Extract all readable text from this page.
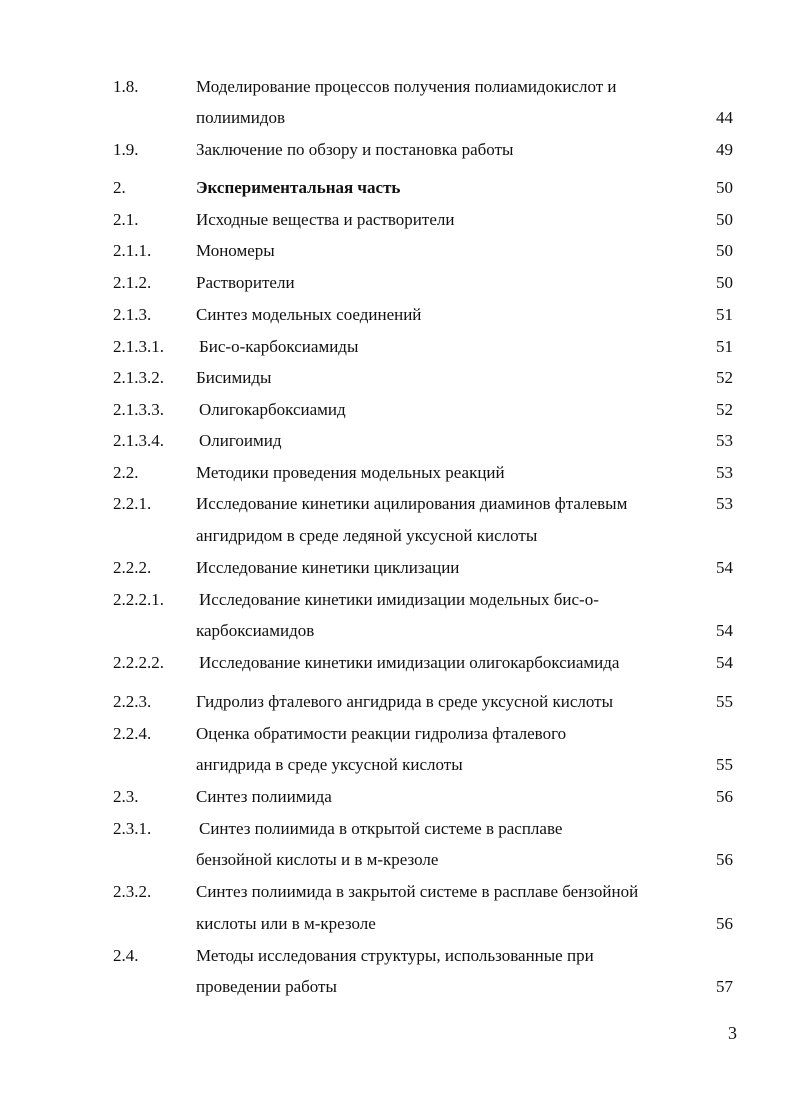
1.8.	Моделирование процессов получения полиамидокислот и
полиимидов	44
1.9.	Заключение по обзору и постановка работы	49
2.	Экспериментальная часть	50
2.1.	Исходные вещества и растворители	50
2.1.1.	Мономеры	50
2.1.2.	Растворители	50
2.1.3.	Синтез модельных соединений	51
2.1.3.1. Бис-о-карбоксиамиды	51
2.1.3.2. Бисимиды	52
2.1.3.3. Олигокарбоксиамид	52
2.1.3.4. Олигоимид	53
2.2.	Методики проведения модельных реакций	53
2.2.1.	Исследование кинетики ацилирования диаминов фталевым	53
ангидридом в среде ледяной уксусной кислоты
2.2.2.	Исследование кинетики циклизации	54
2.2.2.1. Исследование кинетики имидизации модельных бис-о-
карбоксиамидов	54
2.2.2.2. Исследование кинетики имидизации олигокарбоксиамида	54
2.2.3.	Гидролиз фталевого ангидрида в среде уксусной кислоты	55
2.2.4.	Оценка обратимости реакции гидролиза фталевого
ангидрида в среде уксусной кислоты	55
2.3.	Синтез полиимида	56
2.3.1.	Синтез полиимида в открытой системе в расплаве
бензойной кислоты и в м-крезоле	56
2.3.2.	Синтез полиимида в закрытой системе в расплаве бензойной
кислоты или в м-крезоле	56
2.4.	Методы исследования структуры, использованные при
проведении работы	57
3
